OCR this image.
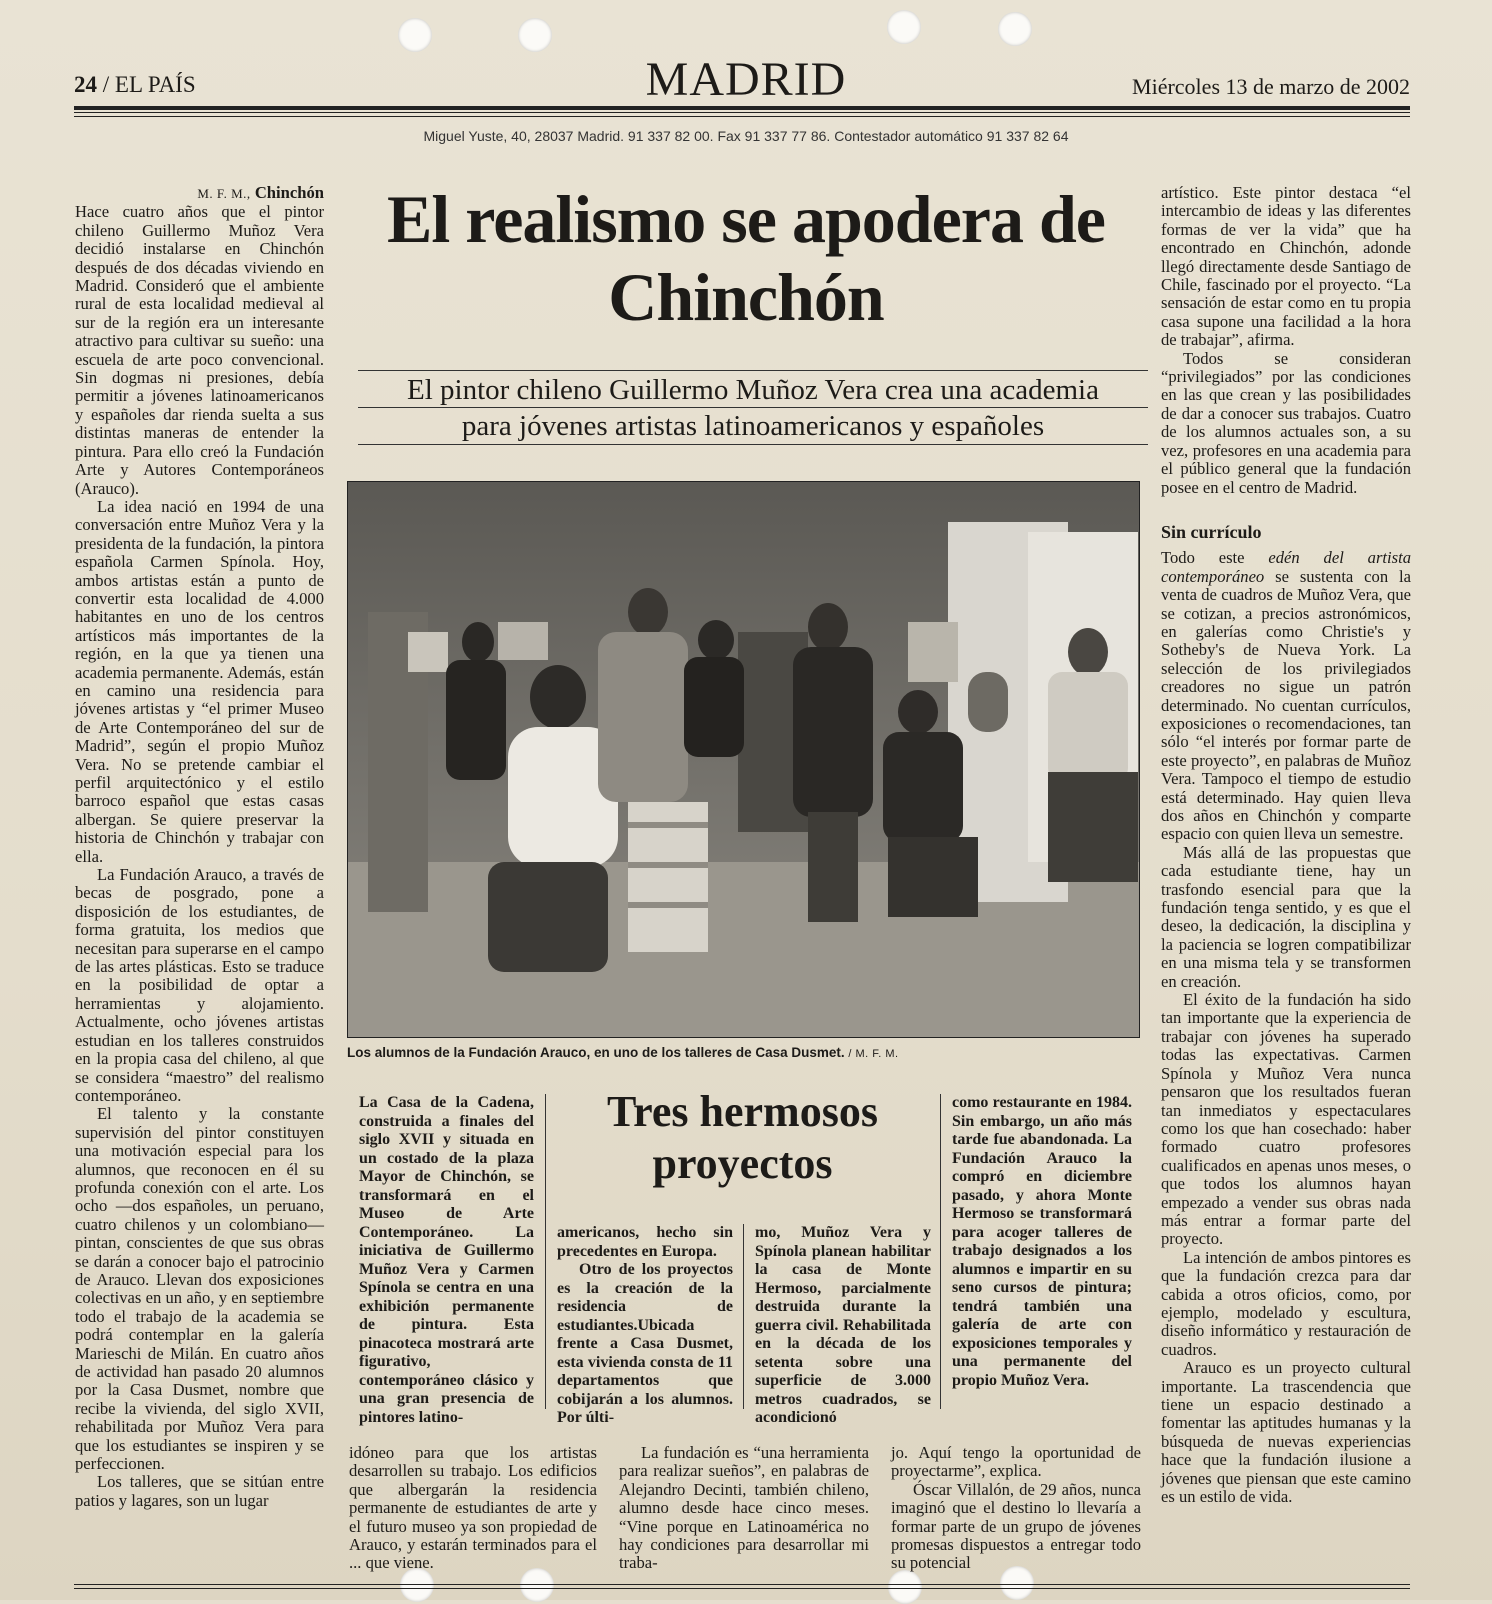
24 / EL PAÍS	MADRID	Miércoles 13 de marzo de 2002
Miguel Yuste, 40, 28037 Madrid. 91 337 82 00. Fax 91 337 77 86. Contestador automático 91 337 82 64
M. F. M., Chinchón

Hace cuatro años que el pintor chileno Guillermo Muñoz Vera decidió instalarse en Chinchón después de dos décadas viviendo en Madrid. Consideró que el ambiente rural de esta localidad medieval al sur de la región era un interesante atractivo para cultivar su sueño: una escuela de arte poco convencional. Sin dogmas ni presiones, debía permitir a jóvenes latinoamericanos y españoles dar rienda suelta a sus distintas maneras de entender la pintura. Para ello creó la Fundación Arte y Autores Contemporáneos (Arauco).

La idea nació en 1994 de una conversación entre Muñoz Vera y la presidenta de la fundación, la pintora española Carmen Spínola. Hoy, ambos artistas están a punto de convertir esta localidad de 4.000 habitantes en uno de los centros artísticos más importantes de la región, en la que ya tienen una academia permanente. Además, están en camino una residencia para jóvenes artistas y “el primer Museo de Arte Contemporáneo del sur de Madrid”, según el propio Muñoz Vera. No se pretende cambiar el perfil arquitectónico y el estilo barroco español que estas casas albergan. Se quiere preservar la historia de Chinchón y trabajar con ella.

La Fundación Arauco, a través de becas de posgrado, pone a disposición de los estudiantes, de forma gratuita, los medios que necesitan para superarse en el campo de las artes plásticas. Esto se traduce en la posibilidad de optar a herramientas y alojamiento. Actualmente, ocho jóvenes artistas estudian en los talleres construidos en la propia casa del chileno, al que se considera “maestro” del realismo contemporáneo.

El talento y la constante supervisión del pintor constituyen una motivación especial para los alumnos, que reconocen en él su profunda conexión con el arte. Los ocho —dos españoles, un peruano, cuatro chilenos y un colombiano— pintan, conscientes de que sus obras se darán a conocer bajo el patrocinio de Arauco. Llevan dos exposiciones colectivas en un año, y en septiembre todo el trabajo de la academia se podrá contemplar en la galería Marieschi de Milán. En cuatro años de actividad han pasado 20 alumnos por la Casa Dusmet, nombre que recibe la vivienda, del siglo XVII, rehabilitada por Muñoz Vera para que los estudiantes se inspiren y se perfeccionen.

Los talleres, que se sitúan entre patios y lagares, son un lugar

El realismo se apodera de Chinchón
El pintor chileno Guillermo Muñoz Vera crea una academia
para jóvenes artistas latinoamericanos y españoles
Los alumnos de la Fundación Arauco, en uno de los talleres de Casa Dusmet. / M. F. M.

La Casa de la Cadena, construida a finales del siglo XVII y situada en un costado de la plaza Mayor de Chinchón, se transformará en el Museo de Arte Contemporáneo. La iniciativa de Guillermo Muñoz Vera y Carmen Spínola se centra en una exhibición permanente de pintura. Esta pinacoteca mostrará arte figurativo, contemporáneo clásico y una gran presencia de pintores latino-

Tres hermosos
proyectos

americanos, hecho sin precedentes en Europa.

Otro de los proyectos es la creación de la residencia de estudiantes.Ubicada frente a Casa Dusmet, esta vivienda consta de 11 departamentos que cobijarán a los alumnos. Por últi-

mo, Muñoz Vera y Spínola planean habilitar la casa de Monte Hermoso, parcialmente destruida durante la guerra civil. Rehabilitada en la década de los setenta sobre una superficie de 3.000 metros cuadrados, se acondicionó

como restaurante en 1984. Sin embargo, un año más tarde fue abandonada. La Fundación Arauco la compró en diciembre pasado, y ahora Monte Hermoso se transformará para acoger talleres de trabajo designados a los alumnos e impartir en su seno cursos de pintura; tendrá también una galería de arte con exposiciones temporales y una permanente del propio Muñoz Vera.

idóneo para que los artistas desarrollen su trabajo. Los edificios que albergarán la residencia permanente de estudiantes de arte y el futuro museo ya son propiedad de Arauco, y estarán terminados para el ... que viene.

La fundación es “una herramienta para realizar sueños”, en palabras de Alejandro Decinti, también chileno, alumno desde hace cinco meses. “Vine porque en Latinoamérica no hay condiciones para desarrollar mi traba-

jo. Aquí tengo la oportunidad de proyectarme”, explica.

Óscar Villalón, de 29 años, nunca imaginó que el destino lo llevaría a formar parte de un grupo de jóvenes promesas dispuestos a entregar todo su potencial

artístico. Este pintor destaca “el intercambio de ideas y las diferentes formas de ver la vida” que ha encontrado en Chinchón, adonde llegó directamente desde Santiago de Chile, fascinado por el proyecto. “La sensación de estar como en tu propia casa supone una facilidad a la hora de trabajar”, afirma.

Todos se consideran “privilegiados” por las condiciones en las que crean y las posibilidades de dar a conocer sus trabajos. Cuatro de los alumnos actuales son, a su vez, profesores en una academia para el público general que la fundación posee en el centro de Madrid.

Sin currículo

Todo este edén del artista contemporáneo se sustenta con la venta de cuadros de Muñoz Vera, que se cotizan, a precios astronómicos, en galerías como Christie's y Sotheby's de Nueva York. La selección de los privilegiados creadores no sigue un patrón determinado. No cuentan currículos, exposiciones o recomendaciones, tan sólo “el interés por formar parte de este proyecto”, en palabras de Muñoz Vera. Tampoco el tiempo de estudio está determinado. Hay quien lleva dos años en Chinchón y comparte espacio con quien lleva un semestre.

Más allá de las propuestas que cada estudiante tiene, hay un trasfondo esencial para que la fundación tenga sentido, y es que el deseo, la dedicación, la disciplina y la paciencia se logren compatibilizar en una misma tela y se transformen en creación.

El éxito de la fundación ha sido tan importante que la experiencia de trabajar con jóvenes ha superado todas las expectativas. Carmen Spínola y Muñoz Vera nunca pensaron que los resultados fueran tan inmediatos y espectaculares como los que han cosechado: haber formado cuatro profesores cualificados en apenas unos meses, o que todos los alumnos hayan empezado a vender sus obras nada más entrar a formar parte del proyecto.

La intención de ambos pintores es que la fundación crezca para dar cabida a otros oficios, como, por ejemplo, modelado y escultura, diseño informático y restauración de cuadros.

Arauco es un proyecto cultural importante. La trascendencia que tiene un espacio destinado a fomentar las aptitudes humanas y la búsqueda de nuevas experiencias hace que la fundación ilusione a jóvenes que piensan que este camino es un estilo de vida.
